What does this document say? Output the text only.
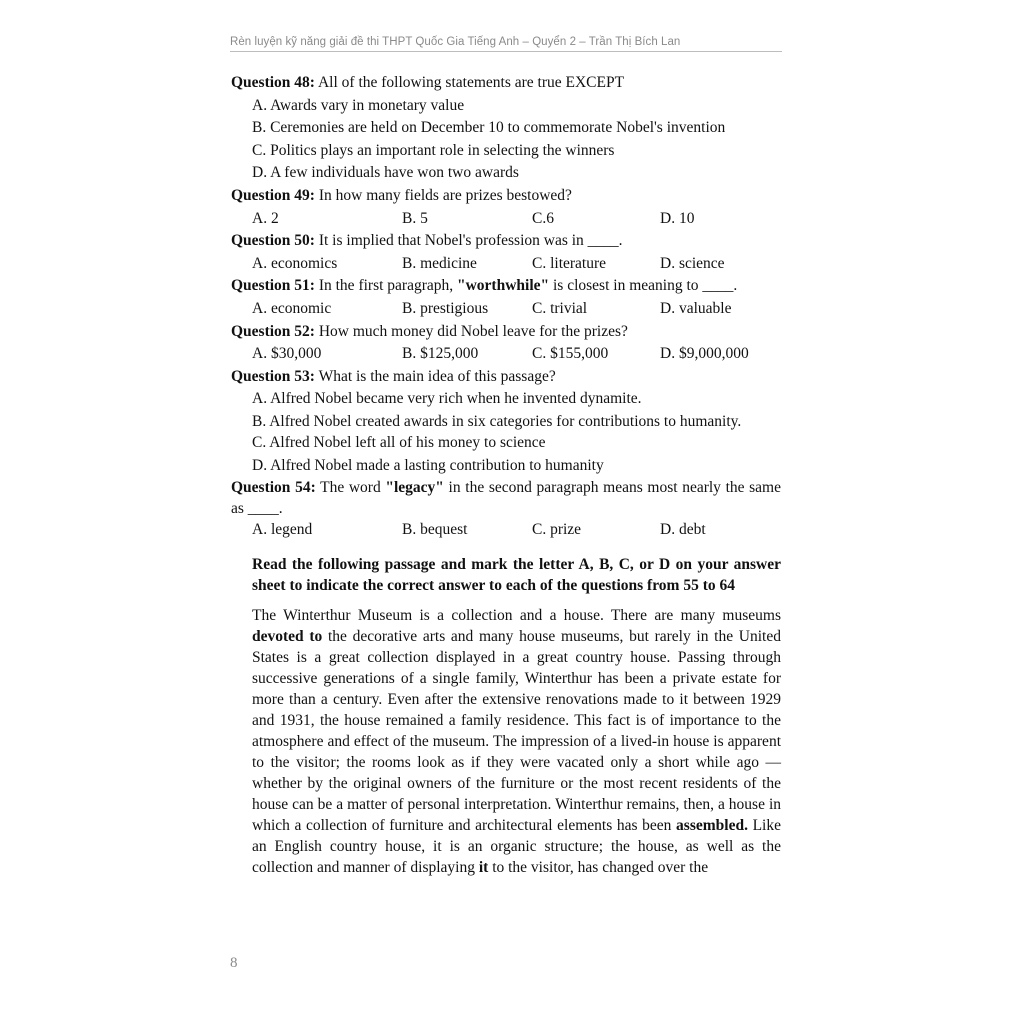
Rèn luyện kỹ năng giải đề thi THPT Quốc Gia Tiếng Anh – Quyển 2 – Trần Thị Bích Lan

Question 48: All of the following statements are true EXCEPT

A. Awards vary in monetary value

B. Ceremonies are held on December 10 to commemorate Nobel's invention

C. Politics plays an important role in selecting the winners

D. A few individuals have won two awards

Question 49: In how many fields are prizes bestowed?

A. 2	B. 5	C.6	D. 10

Question 50: It is implied that Nobel's profession was in ____.

A. economics	B. medicine	C. literature	D. science

Question 51: In the first paragraph, "worthwhile" is closest in meaning to ____.

A. economic	B. prestigious	C. trivial	D. valuable

Question 52: How much money did Nobel leave for the prizes?

A. $30,000	B. $125,000	C. $155,000	D. $9,000,000

Question 53: What is the main idea of this passage?

A. Alfred Nobel became very rich when he invented dynamite.

B. Alfred Nobel created awards in six categories for contributions to humanity.

C. Alfred Nobel left all of his money to science

D. Alfred Nobel made a lasting contribution to humanity

Question 54: The word "legacy" in the second paragraph means most nearly the same as ____.

A. legend	B. bequest	C. prize	D. debt

Read the following passage and mark the letter A, B, C, or D on your answer sheet to indicate the correct answer to each of the questions from 55 to 64

The Winterthur Museum is a collection and a house. There are many museums devoted to the decorative arts and many house museums, but rarely in the United States is a great collection displayed in a great country house. Passing through successive generations of a single family, Winterthur has been a private estate for more than a century. Even after the extensive renovations made to it between 1929 and 1931, the house remained a family residence. This fact is of importance to the atmosphere and effect of the museum. The impression of a lived-in house is apparent to the visitor; the rooms look as if they were vacated only a short while ago — whether by the original owners of the furniture or the most recent residents of the house can be a matter of personal interpretation. Winterthur remains, then, a house in which a collection of furniture and architectural elements has been assembled. Like an English country house, it is an organic structure; the house, as well as the collection and manner of displaying it to the visitor, has changed over the

8
